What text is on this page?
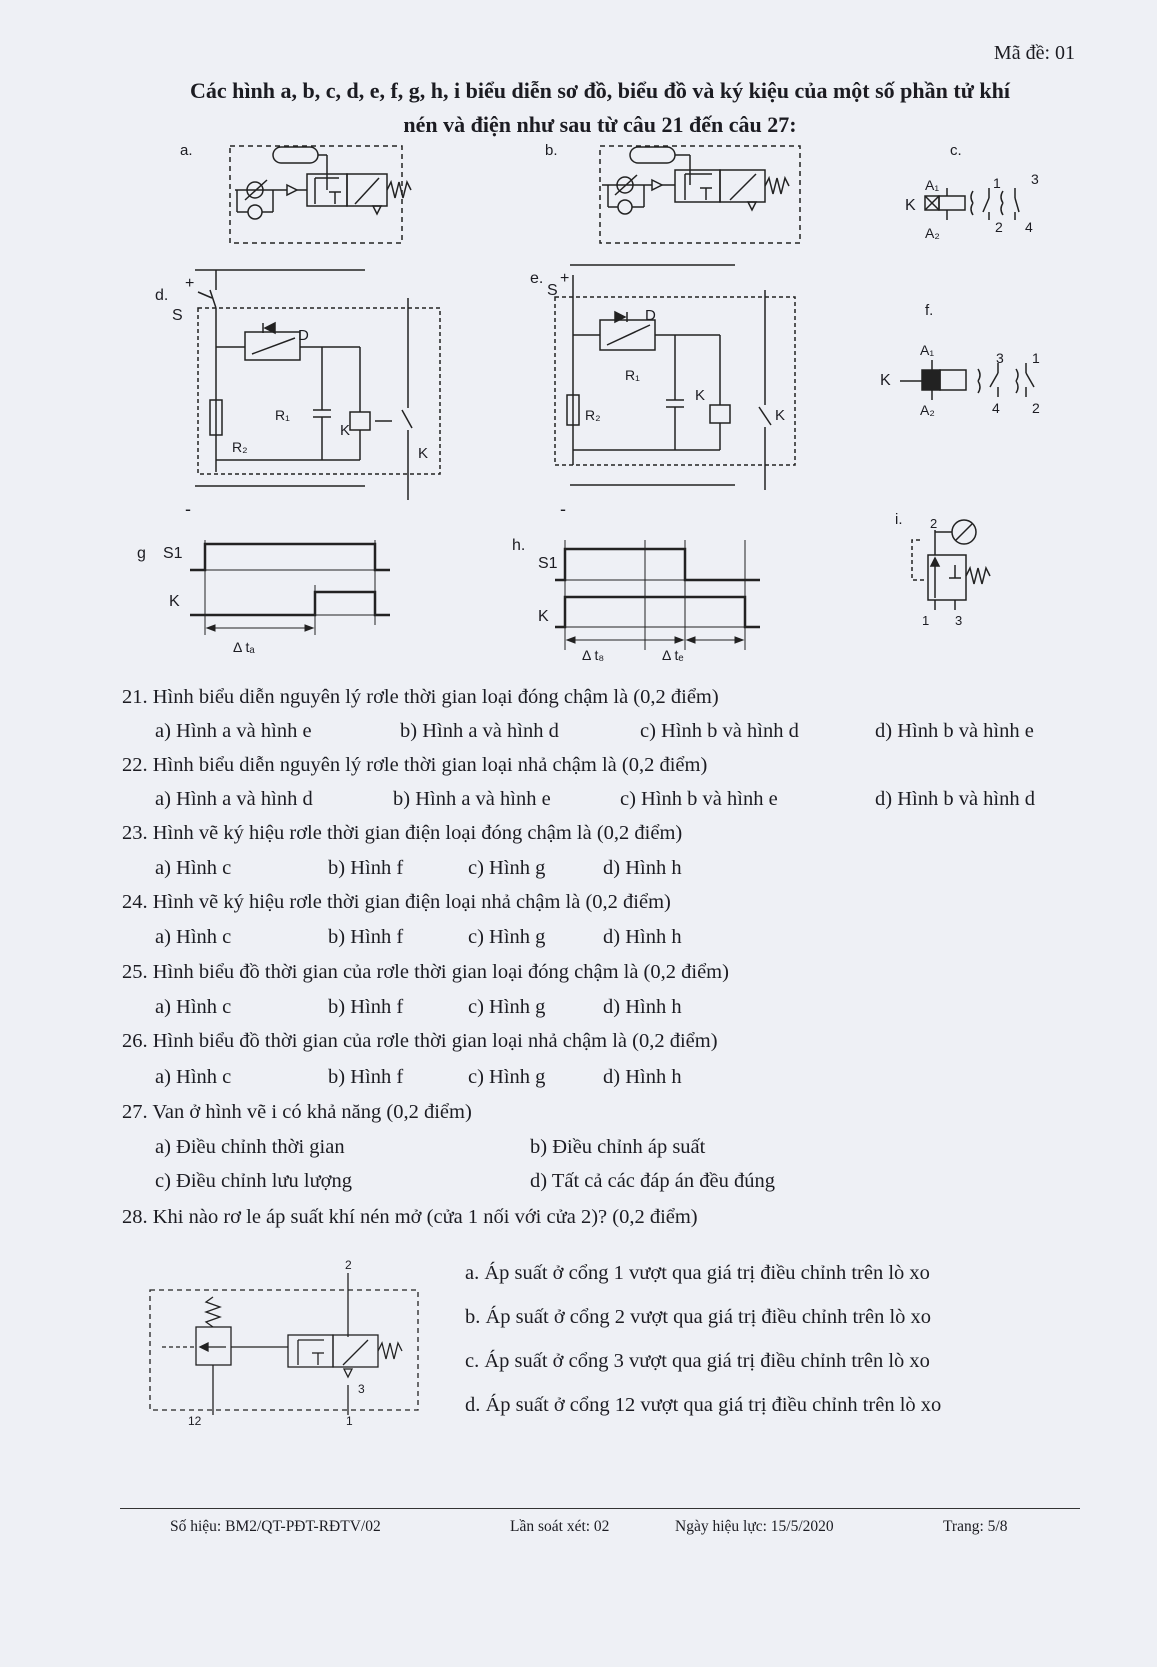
Mã đề: 01
Các hình a, b, c, d, e, f, g, h, i biểu diễn sơ đồ, biểu đồ và ký kiệu của một số phần tử khí
nén và điện như sau từ câu 21 đến câu 27:
a.	b.	c.
K
A₁
A₂
1
2
3
4
d.
+
-
S
D
R₁
R₂
K
K
e. +
-
S
D
R₁
R₂
K
K
f.
K
A₁
A₂
3
4
1
2
g S1
K
Δ tₐ
h.
S1
K
Δ t₈	Δ tₑ
i. 2
1 3
21. Hình biểu diễn nguyên lý rơle thời gian loại đóng chậm là (0,2 điểm)
a) Hình a và hình e	b) Hình a và hình d	c) Hình b và hình d	d) Hình b và hình e
22. Hình biểu diễn nguyên lý rơle thời gian loại nhả chậm là (0,2 điểm)
a) Hình a và hình d	b) Hình a và hình e	c) Hình b và hình e	d) Hình b và hình d
23. Hình vẽ ký hiệu rơle thời gian điện loại đóng chậm là (0,2 điểm)
a) Hình c	b) Hình f	c) Hình g	d) Hình h
24. Hình vẽ ký hiệu rơle thời gian điện loại nhả chậm là (0,2 điểm)
a) Hình c	b) Hình f	c) Hình g	d) Hình h
25. Hình biểu đồ thời gian của rơle thời gian loại đóng chậm là (0,2 điểm)
a) Hình c	b) Hình f	c) Hình g	d) Hình h
26. Hình biểu đồ thời gian của rơle thời gian loại nhả chậm là (0,2 điểm)
a) Hình c	b) Hình f	c) Hình g	d) Hình h
27. Van ở hình vẽ i có khả năng (0,2 điểm)
a) Điều chỉnh thời gian	b) Điều chỉnh áp suất
c) Điều chỉnh lưu lượng	d) Tất cả các đáp án đều đúng
28. Khi nào rơ le áp suất khí nén mở (cửa 1 nối với cửa 2)? (0,2 điểm)
2
3
12	1
a. Áp suất ở cổng 1 vượt qua giá trị điều chỉnh trên lò xo
b. Áp suất ở cổng 2 vượt qua giá trị điều chỉnh trên lò xo
c. Áp suất ở cổng 3 vượt qua giá trị điều chỉnh trên lò xo
d. Áp suất ở cổng 12 vượt qua giá trị điều chỉnh trên lò xo
Số hiệu: BM2/QT-PĐT-RĐTV/02	Lần soát xét: 02	Ngày hiệu lực: 15/5/2020	Trang: 5/8
